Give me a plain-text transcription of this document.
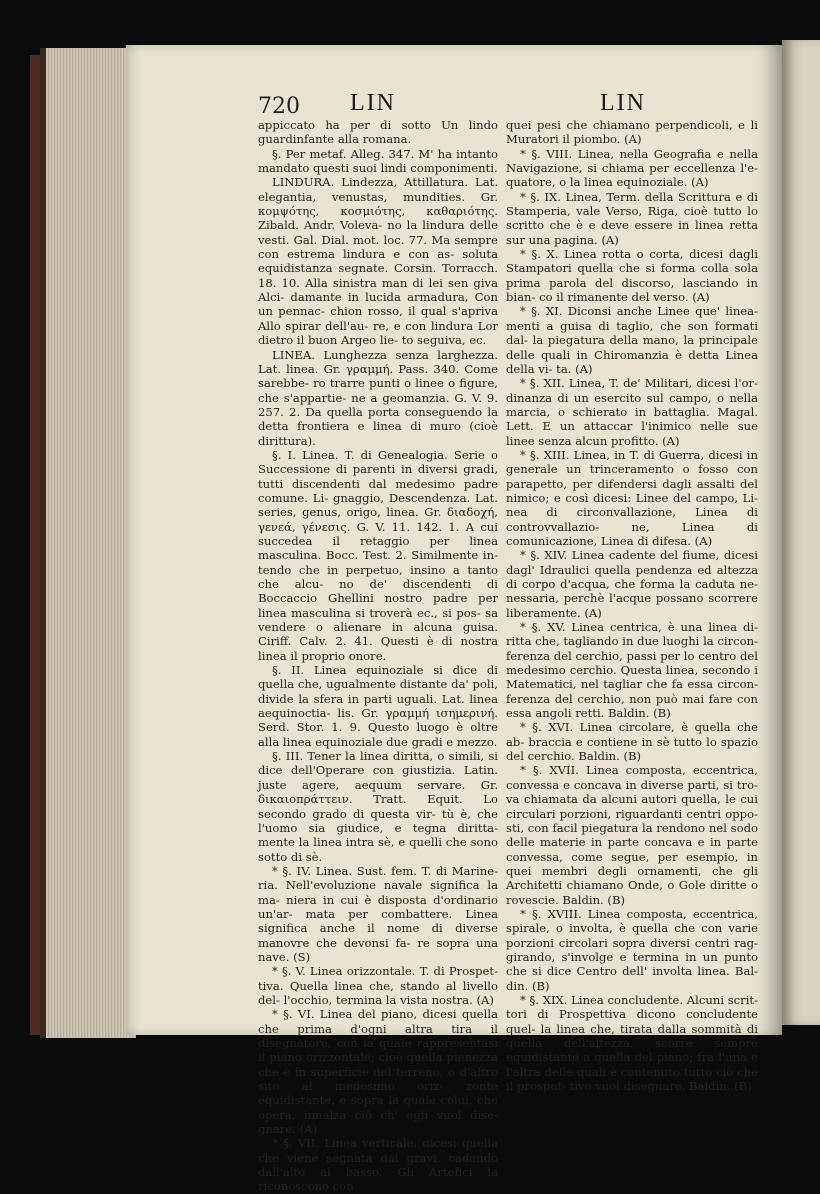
720 LIN	LIN

appiccato ha per di sotto Un lindo guardinfante alla romana.

§. Per metaf. Alleg. 347. M' ha intanto mandato questi suoi lindi componimenti.

LINDURA. Lindezza, Attillatura. Lat. elegantia, venustas, mundities. Gr. κομψότης, κοσμιότης, καθαριότης. Zibald. Andr. Voleva- no la lindura delle vesti. Gal. Dial. mot. loc. 77. Ma sempre con estrema lindura e con as- soluta equidistanza segnate. Corsin. Torracch. 18. 10. Alla sinistra man di lei sen giva Alci- damante in lucida armadura, Con un pennac- chion rosso, il qual s'apriva Allo spirar dell'au- re, e con lindura Lor dietro il buon Argeo lie- to seguiva, ec.

LINEA. Lunghezza senza larghezza. Lat. linea. Gr. γραμμή. Pass. 340. Come sarebbe- ro trarre punti o linee o figure, che s'appartie- ne a geomanzia. G. V. 9. 257. 2. Da quella porta conseguendo la detta frontiera e linea di muro (cioè dirittura).

§. I. Linea. T. di Genealogia. Serie o Successione di parenti in diversi gradi, tutti discendenti dal medesimo padre comune. Li- gnaggio, Descendenza. Lat. series, genus, origo, linea. Gr. διαδοχή, γενεά, γένεσις. G. V. 11. 142. 1. A cui succedea il retaggio per linea masculina. Bocc. Test. 2. Similmente in- tendo che in perpetuo, insino a tanto che alcu- no de' discendenti di Boccaccio Ghellini nostro padre per linea masculina si troverà ec., si pos- sa vendere o alienare in alcuna guisa. Ciriff. Calv. 2. 41. Questi è di nostra linea il proprio onore.

§. II. Linea equinoziale si dice di quella che, ugualmente distante da' poli, divide la sfera in parti uguali. Lat. linea aequinoctia- lis. Gr. γραμμή ισημερινή. Serd. Stor. 1. 9. Questo luogo è oltre alla linea equinoziale due gradi e mezzo.

§. III. Tener la linea diritta, o simili, si dice dell'Operare con giustizia. Latin. juste agere, aequum servare. Gr. δικαιοπράττειν. Tratt. Equit. Lo secondo grado di questa vir- tù è, che l'uomo sia giudice, e tegna diritta- mente la linea intra sè, e quelli che sono sotto di sè.

* §. IV. Linea. Sust. fem. T. di Marine- ria. Nell'evoluzione navale significa la ma- niera in cui è disposta d'ordinario un'ar- mata per combattere. Linea significa anche il nome di diverse manovre che devonsi fa- re sopra una nave. (S)

* §. V. Linea orizzontale. T. di Prospet- tiva. Quella linea che, stando al livello del- l'occhio, termina la vista nostra. (A)

* §. VI. Linea del piano, dicesi quella che prima d'ogni altra tira il disegnatore, con la quale rappresentasi il piano orizzontale; cioè quella pienezza che è in superficie del terreno, o d'altro sito al medesimo oriz- zonte equidistante, e sopra la quale colui, che opera, innalza ciò ch' egli vuol dise- gnare. (A)

* §. VII. Linea verticale, dicesi quella che viene segnata dai gravi, cadendo dall'alto al basso. Gli Artefici la riconoscono con

quei pesi che chiamano perpendicoli, e li Muratori il piombo. (A)

* §. VIII. Linea, nella Geografia e nella Navigazione, si chiama per eccellenza l'e- quatore, o la linea equinoziale. (A)

* §. IX. Linea, Term. della Scrittura e di Stamperia, vale Verso, Riga, cioè tutto lo scritto che è e deve essere in linea retta sur una pagina. (A)

* §. X. Linea rotta o corta, dicesi dagli Stampatori quella che si forma colla sola prima parola del discorso, lasciando in bian- co il rimanente del verso. (A)

* §. XI. Diconsi anche Linee que' linea- menti a guisa di taglio, che son formati dal- la piegatura della mano, la principale delle quali in Chiromanzia è detta Linea della vi- ta. (A)

* §. XII. Linea, T. de' Militari, dicesi l'or- dinanza di un esercito sul campo, o nella marcia, o schierato in battaglia. Magal. Lett. E un attaccar l'inimico nelle sue linee senza alcun profitto. (A)

* §. XIII. Linea, in T. di Guerra, dicesi in generale un trinceramento o fosso con parapetto, per difendersi dagli assalti del nimico; e così dicesi: Linee del campo, Li- nea di circonvallazione, Linea di controvvallazio- ne, Linea di comunicazione, Linea di difesa. (A)

* §. XIV. Linea cadente del fiume, dicesi dagl' Idraulici quella pendenza ed altezza di corpo d'acqua, che forma la caduta ne- nessaria, perchè l'acque possano scorrere liberamente. (A)

* §. XV. Linea centrica, è una linea di- ritta che, tagliando in due luoghi la circon- ferenza del cerchio, passi per lo centro del medesimo cerchio. Questa linea, secondo i Matematici, nel tagliar che fa essa circon- ferenza del cerchio, non può mai fare con essa angoli retti. Baldin. (B)

* §. XVI. Linea circolare, è quella che ab- braccia e contiene in sè tutto lo spazio del cerchio. Baldin. (B)

* §. XVII. Linea composta, eccentrica, convessa e concava in diverse parti, si tro- va chiamata da alcuni autori quella, le cui circulari porzioni, riguardanti centri oppo- sti, con facil piegatura la rendono nel sodo delle materie in parte concava e in parte convessa, come segue, per esempio, in quei membri degli ornamenti, che gli Architetti chiamano Onde, o Gole diritte o rovescie. Baldin. (B)

* §. XVIII. Linea composta, eccentrica, spirale, o involta, è quella che con varie porzioni circolari sopra diversi centri rag- girando, s'involge e termina in un punto che si dice Centro dell' involta linea. Bal- din. (B)

* §. XIX. Linea concludente. Alcuni scrit- tori di Prospettiva dicono concludente quel- la linea che, tirata dalla sommità di quella dell'altezza, scorre sempre equidistante a quella del piano; fra l'una e l'altra delle quali è contenuto tutto ciò che il prospet- tivo vuol disegnare. Baldin. (B)
